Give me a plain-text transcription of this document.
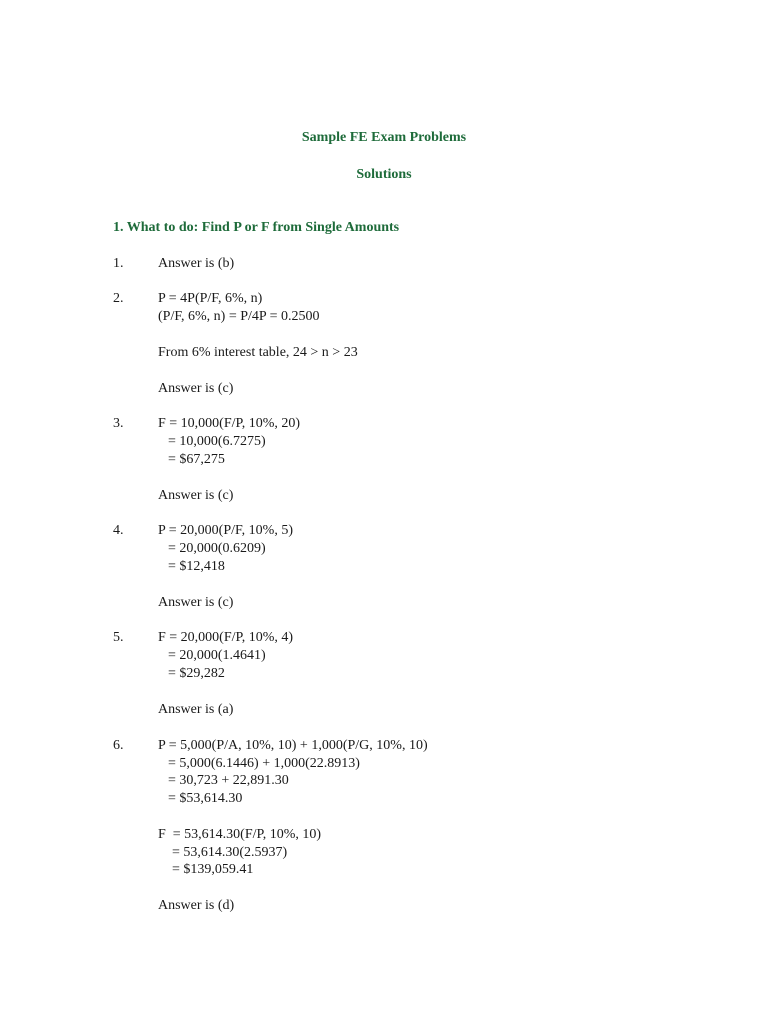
Sample FE Exam Problems
Solutions
1. What to do: Find P or F from Single Amounts
1. Answer is (b)
2. P = 4P(P/F, 6%, n)
(P/F, 6%, n) = P/4P = 0.2500
From 6% interest table, 24 > n > 23
Answer is (c)
3. F = 10,000(F/P, 10%, 20)
= 10,000(6.7275)
= $67,275
Answer is (c)
4. P = 20,000(P/F, 10%, 5)
= 20,000(0.6209)
= $12,418
Answer is (c)
5. F = 20,000(F/P, 10%, 4)
= 20,000(1.4641)
= $29,282
Answer is (a)
6. P = 5,000(P/A, 10%, 10) + 1,000(P/G, 10%, 10)
= 5,000(6.1446) + 1,000(22.8913)
= 30,723 + 22,891.30
= $53,614.30
F  = 53,614.30(F/P, 10%, 10)
= 53,614.30(2.5937)
= $139,059.41
Answer is (d)
